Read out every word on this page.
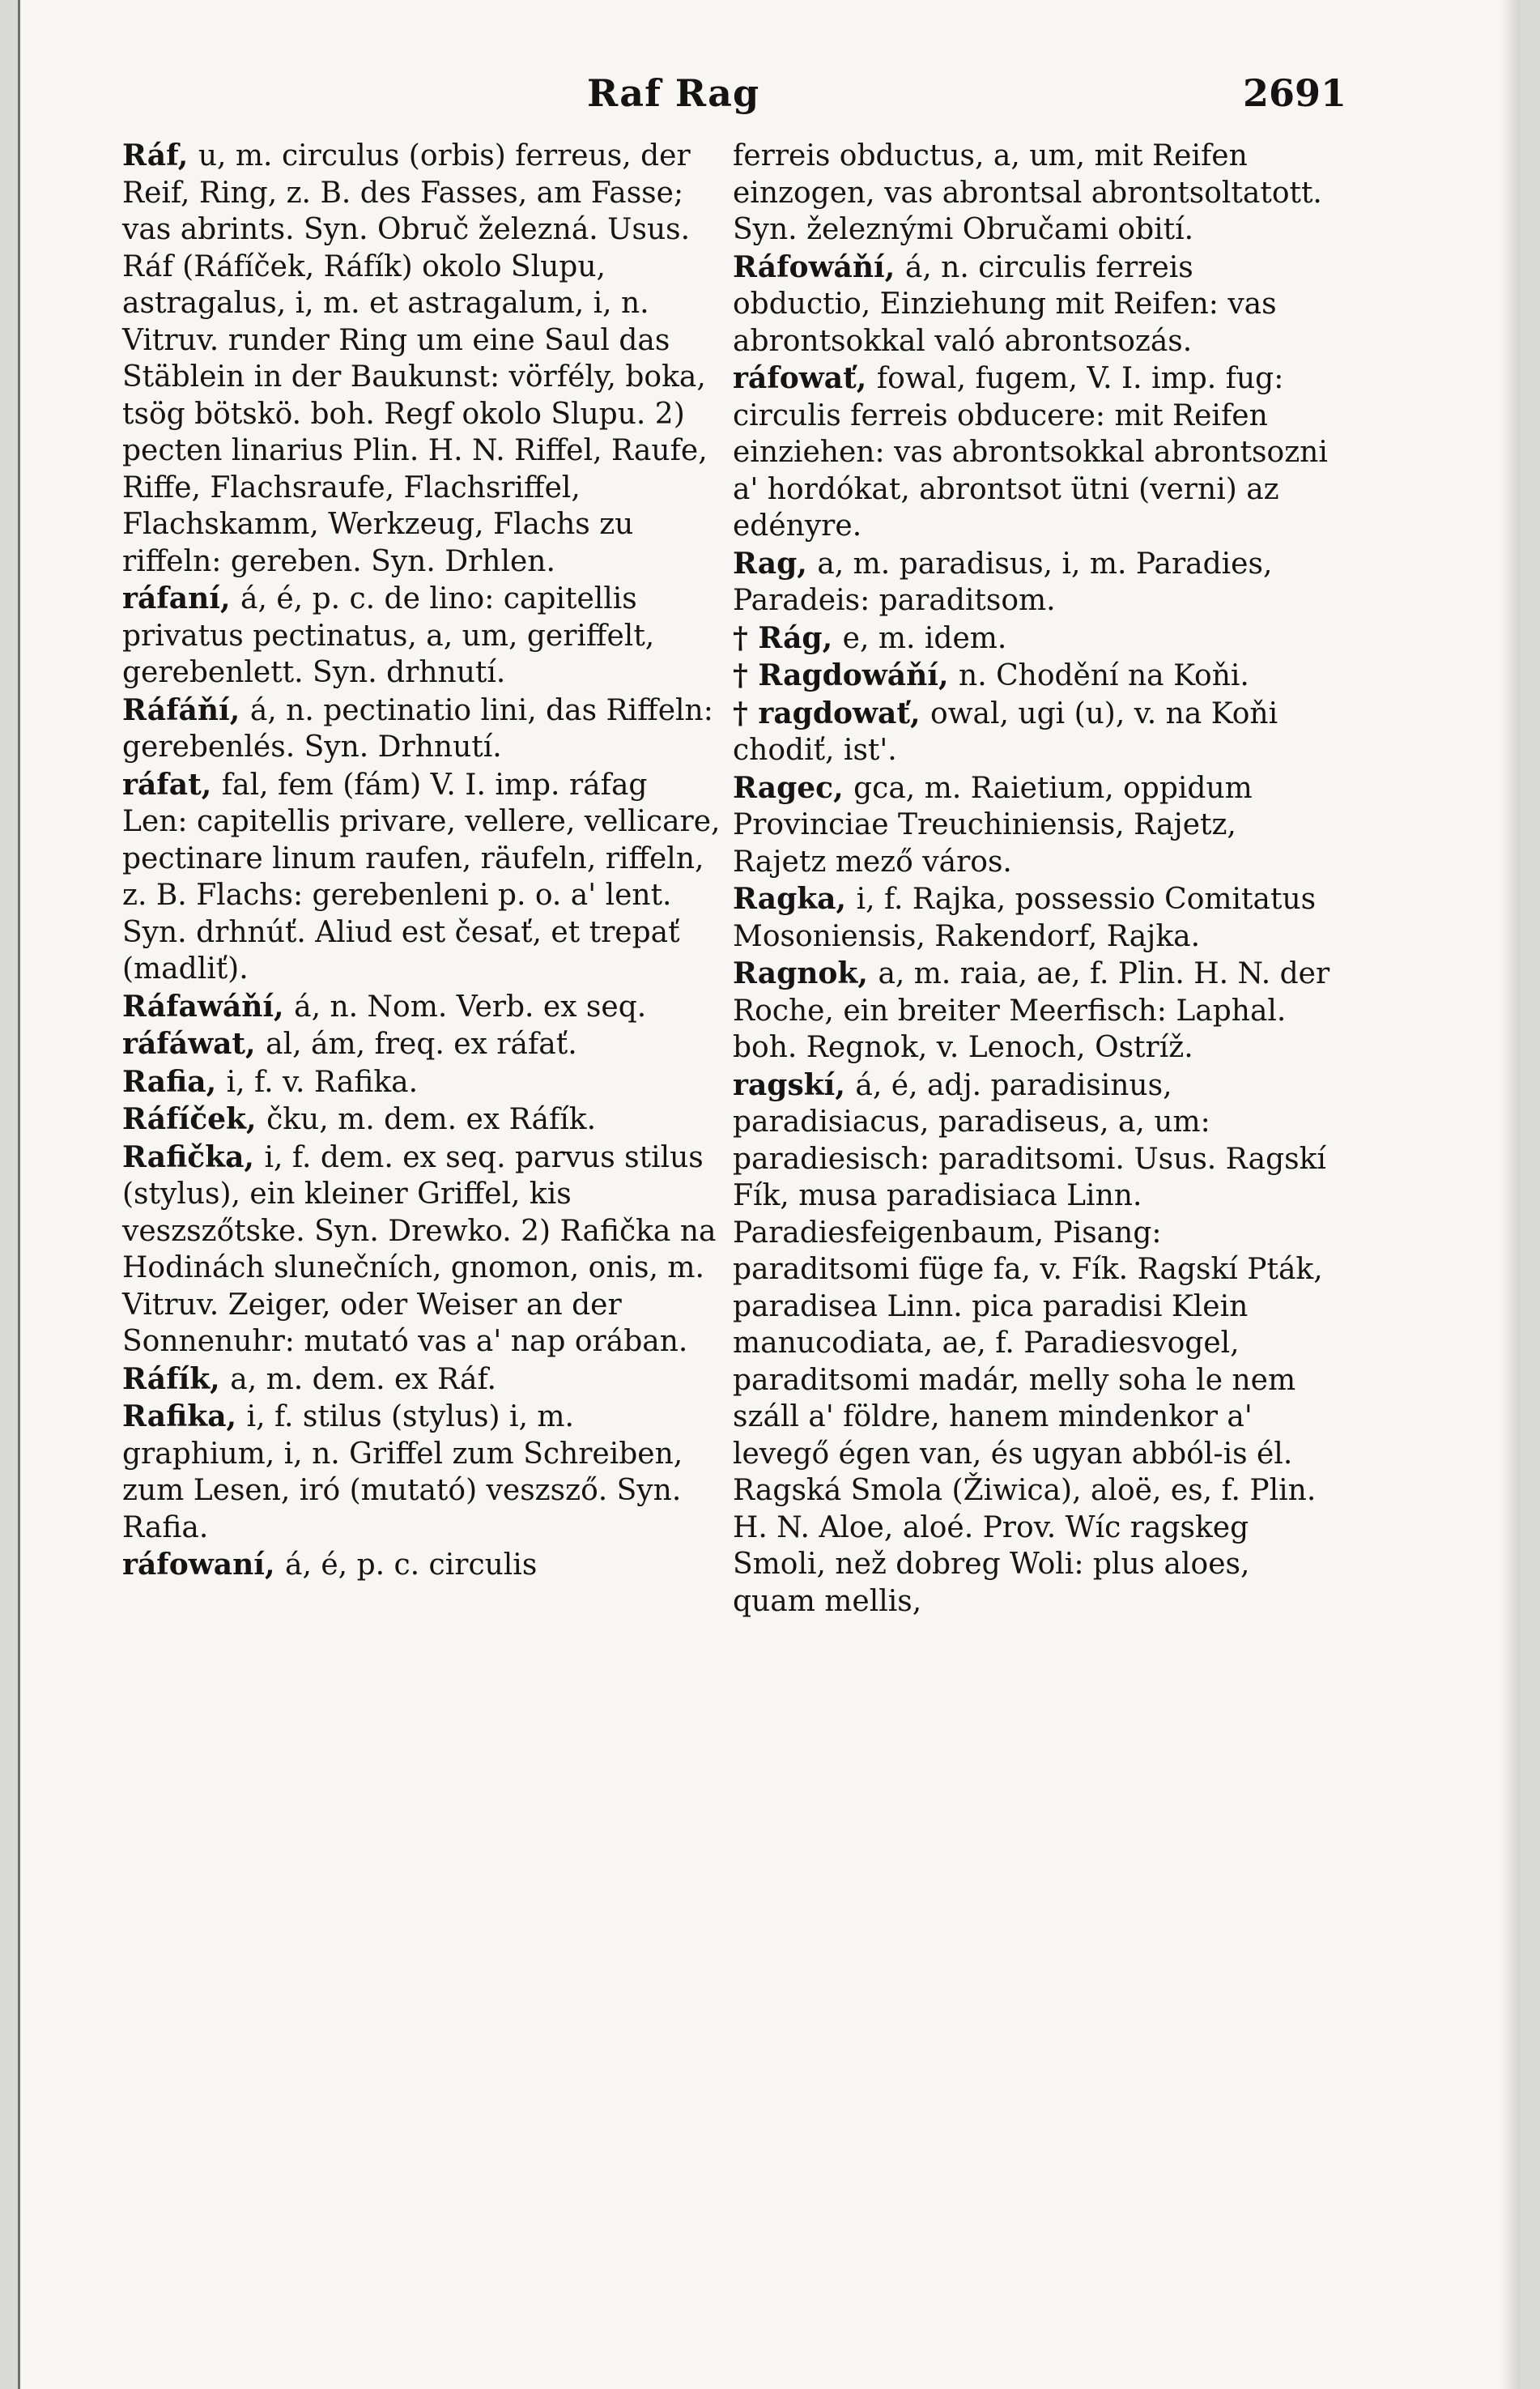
Raf Rag	2691
Ráf, u, m. circulus (orbis) ferreus, der Reif, Ring, z. B. des Fasses, am Fasse; vas abrints. Syn. Obruč železná. Usus. Ráf (Ráfíček, Ráfík) okolo Slupu, astragalus, i, m. et astragalum, i, n. Vitruv. runder Ring um eine Saul das Stäblein in der Baukunst: vörfély, boka, tsög bötskö. boh. Regf okolo Slupu. 2) pecten linarius Plin. H. N. Riffel, Raufe, Riffe, Flachsraufe, Flachsriffel, Flachskamm, Werkzeug, Flachs zu riffeln: gereben. Syn. Drhlen.
ráfaní, á, é, p. c. de lino: capitellis privatus pectinatus, a, um, geriffelt, gerebenlett. Syn. drhnutí.
Ráfáňí, á, n. pectinatio lini, das Riffeln: gerebenlés. Syn. Drhnutí.
ráfat, fal, fem (fám) V. I. imp. ráfag Len: capitellis privare, vellere, vellicare, pectinare linum raufen, räufeln, riffeln, z. B. Flachs: gerebenleni p. o. a' lent. Syn. drhnúť. Aliud est česať, et trepať (madliť).
Ráfawáňí, á, n. Nom. Verb. ex seq.
ráfáwat, al, ám, freq. ex ráfať.
Rafia, i, f. v. Rafika.
Ráfíček, čku, m. dem. ex Ráfík.
Rafička, i, f. dem. ex seq. parvus stilus (stylus), ein kleiner Griffel, kis veszszőtske. Syn. Drewko. 2) Rafička na Hodinách slunečních, gnomon, onis, m. Vitruv. Zeiger, oder Weiser an der Sonnenuhr: mutató vas a' nap orában.
Ráfík, a, m. dem. ex Ráf.
Rafika, i, f. stilus (stylus) i, m. graphium, i, n. Griffel zum Schreiben, zum Lesen, iró (mutató) veszsző. Syn. Rafia.
ráfowaní, á, é, p. c. circulis
ferreis obductus, a, um, mit Reifen einzogen, vas abrontsal abrontsoltatott. Syn. železnými Obručami obití.
Ráfowáňí, á, n. circulis ferreis obductio, Einziehung mit Reifen: vas abrontsokkal való abrontsozás.
ráfowať, fowal, fugem, V. I. imp. fug: circulis ferreis obducere: mit Reifen einziehen: vas abrontsokkal abrontsozni a' hordókat, abrontsot ütni (verni) az edényre.
Rag, a, m. paradisus, i, m. Paradies, Paradeis: paraditsom.
† Rág, e, m. idem.
† Ragdowáňí, n. Chodění na Koňi.
† ragdowať, owal, ugi (u), v. na Koňi chodiť, ist'.
Ragec, gca, m. Raietium, oppidum Provinciae Treuchiniensis, Rajetz, Rajetz mező város.
Ragka, i, f. Rajka, possessio Comitatus Mosoniensis, Rakendorf, Rajka.
Ragnok, a, m. raia, ae, f. Plin. H. N. der Roche, ein breiter Meerfisch: Laphal. boh. Regnok, v. Lenoch, Ostríž.
ragskí, á, é, adj. paradisinus, paradisiacus, paradiseus, a, um: paradiesisch: paraditsomi. Usus. Ragskí Fík, musa paradisiaca Linn. Paradiesfeigenbaum, Pisang: paraditsomi füge fa, v. Fík. Ragskí Pták, paradisea Linn. pica paradisi Klein manucodiata, ae, f. Paradiesvogel, paraditsomi madár, melly soha le nem száll a' földre, hanem mindenkor a' levegő égen van, és ugyan abból-is él. Ragská Smola (Žiwica), aloë, es, f. Plin. H. N. Aloe, aloé. Prov. Wíc ragskeg Smoli, než dobreg Woli: plus aloes, quam mellis,
